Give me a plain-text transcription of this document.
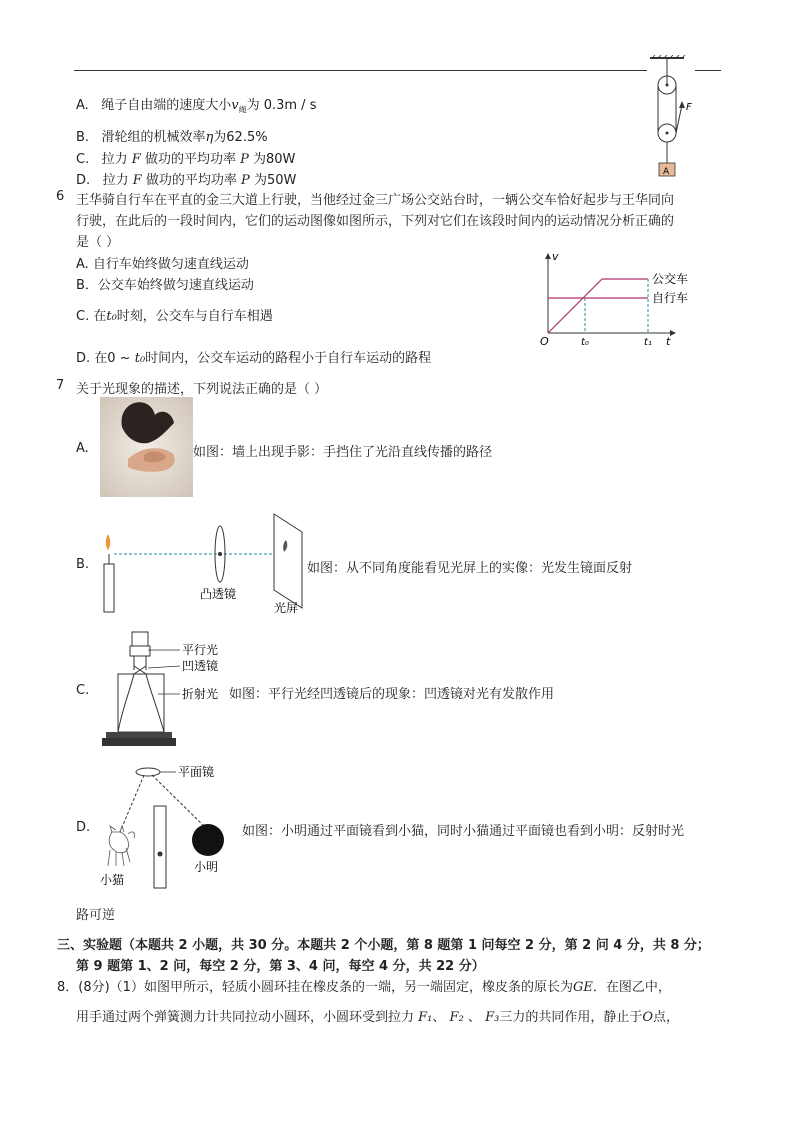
A. 绳子自由端的速度大小$v_绳$为 0.3m / s
B. 滑轮组的机械效率η为62.5%
C. 拉力 F 做功的平均功率 P 为80W
D. 拉力 F 做功的平均功率 P 为50W
F
A
6 王华骑自行车在平直的金三大道上行驶，当他经过金三广场公交站台时，一辆公交车恰好起步与王华同向
行驶，在此后的一段时间内，它们的运动图像如图所示，下列对它们在该段时间内的运动情况分析正确的
是（ ）
A. 自行车始终做匀速直线运动
B．公交车始终做匀速直线运动
C. 在t₀时刻，公交车与自行车相遇
D. 在0 ~ t₀时间内，公交车运动的路程小于自行车运动的路程
v
t
O	t₀	t₁
公交车
自行车
7 关于光现象的描述，下列说法正确的是（ ）
A.	如图：墙上出现手影：手挡住了光沿直线传播的路径
B.
凸透镜
光屏
如图：从不同角度能看见光屏上的实像：光发生镜面反射
C.
平行光
凹透镜
折射光 如图：平行光经凹透镜后的现象：凹透镜对光有发散作用
D.
平面镜
小明
小猫
如图：小明通过平面镜看到小猫，同时小猫通过平面镜也看到小明：反射时光
路可逆
三、实验题（本题共 2 小题，共 30 分。本题共 2 个小题，第 8 题第 1 问每空 2 分，第 2 问 4 分，共 8 分；
第 9 题第 1、2 问，每空 2 分，第 3、4 问，每空 4 分，共 22 分）
8．(8分)（1）如图甲所示，轻质小圆环挂在橡皮条的一端，另一端固定，橡皮条的原长为GE．在图乙中，
用手通过两个弹簧测力计共同拉动小圆环，小圆环受到拉力 F₁、 F₂ 、 F₃三力的共同作用，静止于O点，
